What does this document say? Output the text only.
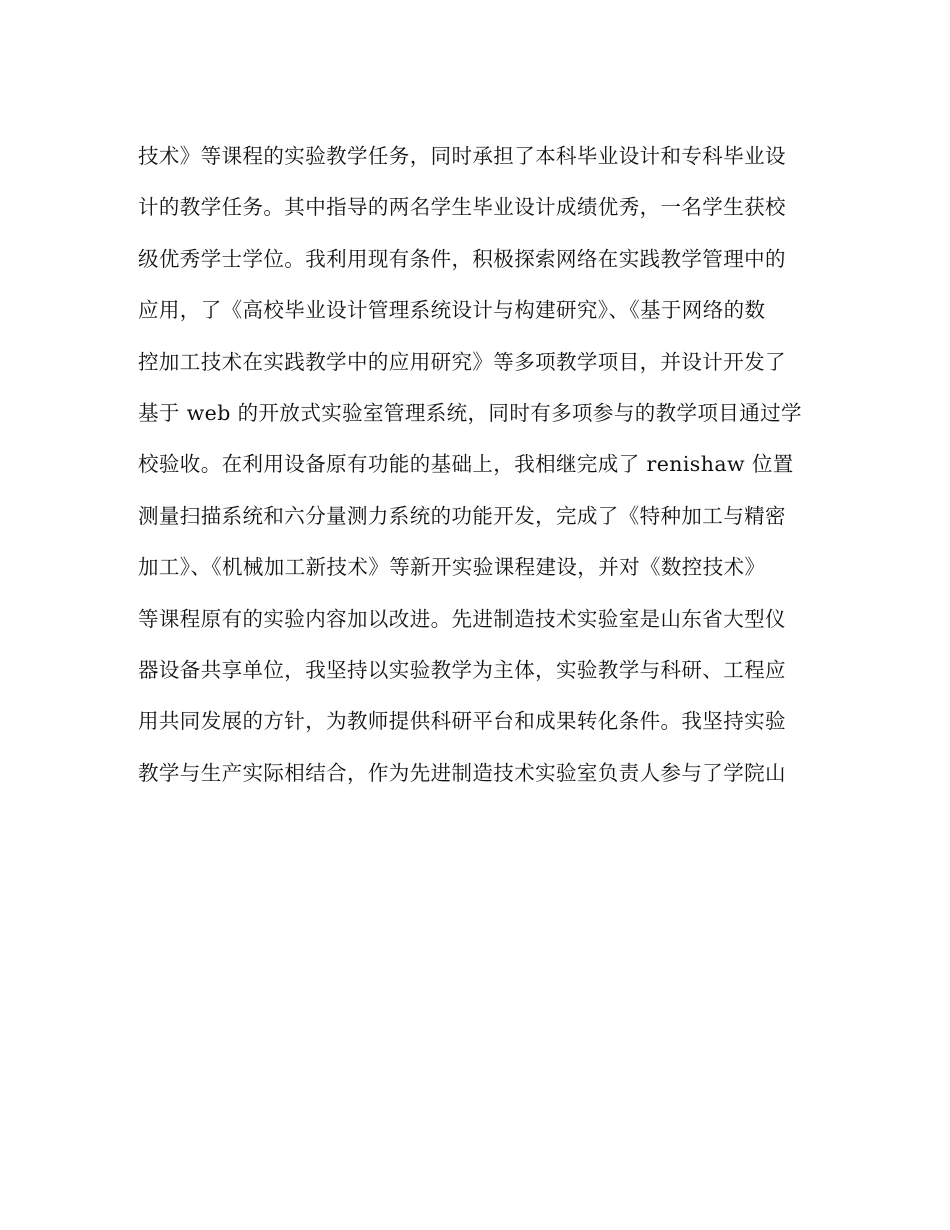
技术》等课程的实验教学任务，同时承担了本科毕业设计和专科毕业设
计的教学任务。其中指导的两名学生毕业设计成绩优秀，一名学生获校
级优秀学士学位。我利用现有条件，积极探索网络在实践教学管理中的
应用，了《高校毕业设计管理系统设计与构建研究》、《基于网络的数
控加工技术在实践教学中的应用研究》等多项教学项目，并设计开发了
基于 web 的开放式实验室管理系统，同时有多项参与的教学项目通过学
校验收。在利用设备原有功能的基础上，我相继完成了 renishaw 位置
测量扫描系统和六分量测力系统的功能开发，完成了《特种加工与精密
加工》、《机械加工新技术》等新开实验课程建设，并对《数控技术》
等课程原有的实验内容加以改进。先进制造技术实验室是山东省大型仪
器设备共享单位，我坚持以实验教学为主体，实验教学与科研、工程应
用共同发展的方针，为教师提供科研平台和成果转化条件。我坚持实验
教学与生产实际相结合，作为先进制造技术实验室负责人参与了学院山
